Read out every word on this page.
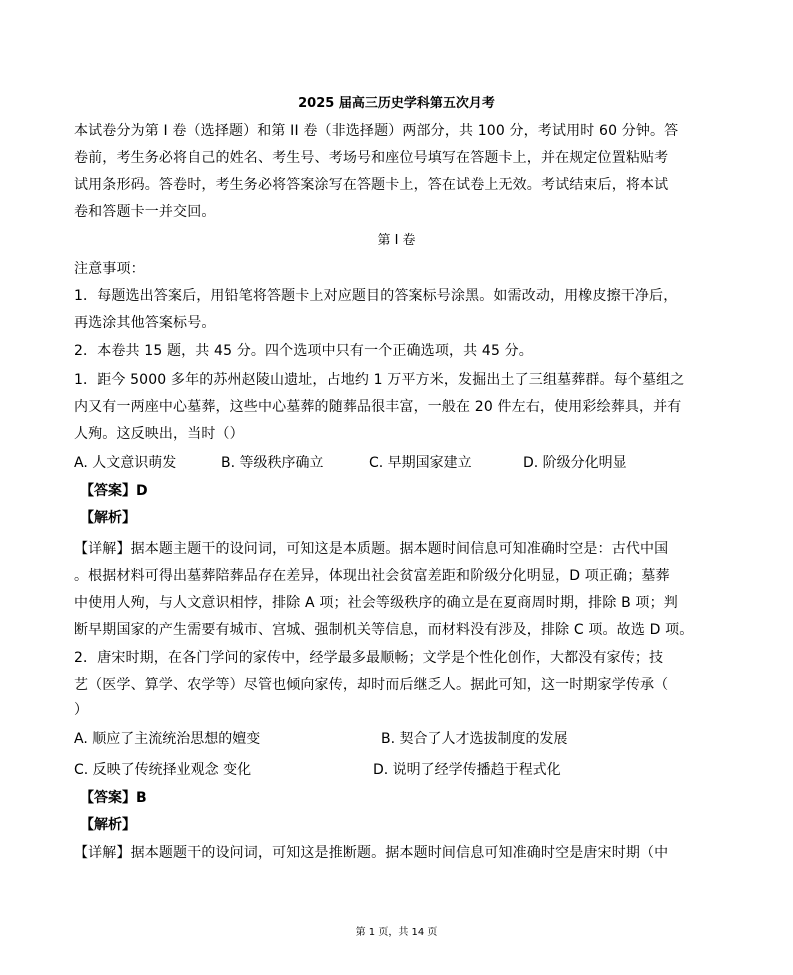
2025 届高三历史学科第五次月考
本试卷分为第 I 卷（选择题）和第 II 卷（非选择题）两部分，共 100 分，考试用时 60 分钟。答
卷前，考生务必将自己的姓名、考生号、考场号和座位号填写在答题卡上，并在规定位置粘贴考
试用条形码。答卷时，考生务必将答案涂写在答题卡上，答在试卷上无效。考试结束后，将本试
卷和答题卡一并交回。
第 I 卷
注意事项：
1．每题选出答案后，用铅笔将答题卡上对应题目的答案标号涂黑。如需改动，用橡皮擦干净后，
再选涂其他答案标号。
2．本卷共 15 题，共 45 分。四个选项中只有一个正确选项，共 45 分。
1．距今 5000 多年的苏州赵陵山遗址，占地约 1 万平方米，发掘出土了三组墓葬群。每个墓组之
内又有一两座中心墓葬，这些中心墓葬的随葬品很丰富，一般在 20 件左右，使用彩绘葬具，并有
人殉。这反映出，当时（）
A. 人文意识萌发	B. 等级秩序确立	C. 早期国家建立	D. 阶级分化明显
【答案】D
【解析】
【详解】据本题主题干的设问词，可知这是本质题。据本题时间信息可知准确时空是：古代中国
。根据材料可得出墓葬陪葬品存在差异，体现出社会贫富差距和阶级分化明显，D 项正确；墓葬
中使用人殉，与人文意识相悖，排除 A 项；社会等级秩序的确立是在夏商周时期，排除 B 项；判
断早期国家的产生需要有城市、宫城、强制机关等信息，而材料没有涉及，排除 C 项。故选 D 项。
2．唐宋时期，在各门学问的家传中，经学最多最顺畅；文学是个性化创作，大都没有家传；技
艺（医学、算学、农学等）尽管也倾向家传，却时而后继乏人。据此可知，这一时期家学传承（
）
A. 顺应了主流统治思想的嬗变	B. 契合了人才选拔制度的发展
C. 反映了传统择业观念 变化	D. 说明了经学传播趋于程式化
【答案】B
【解析】
【详解】据本题题干的设问词，可知这是推断题。据本题时间信息可知准确时空是唐宋时期（中
第 1 页，共 14 页
